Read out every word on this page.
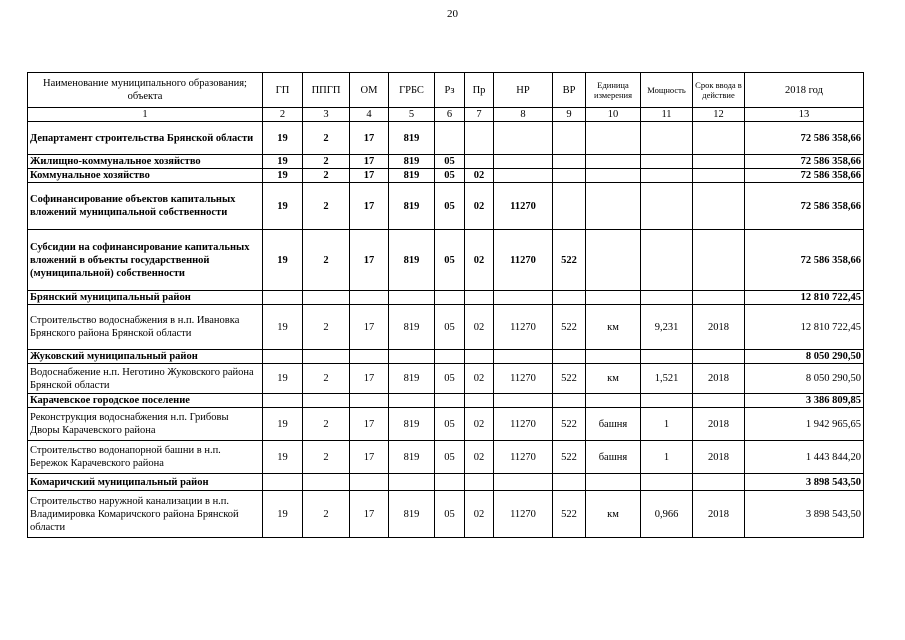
20
Наименование муниципального образования; объекта	ГП	ППГП	ОМ	ГРБС	Рз	Пр	НР	ВР	Единица измерения	Мощность	Срок ввода в действие	2018 год
1	2	3	4	5	6	7	8	9	10	11	12	13
Департамент строительства Брянской области	19	2	17	819								72 586 358,66
Жилищно-коммунальное хозяйство	19	2	17	819	05							72 586 358,66
Коммунальное хозяйство	19	2	17	819	05	02						72 586 358,66
Софинансирование объектов капитальных вложений муниципальной собственности	19	2	17	819	05	02	11270					72 586 358,66
Субсидии на софинансирование капитальных вложений в объекты государственной (муниципальной) собственности	19	2	17	819	05	02	11270	522				72 586 358,66
Брянский муниципальный район												12 810 722,45
Строительство водоснабжения в н.п. Ивановка Брянского района Брянской области	19	2	17	819	05	02	11270	522	км	9,231	2018	12 810 722,45
Жуковский муниципальный район												8 050 290,50
Водоснабжение н.п. Неготино Жуковского района Брянской области	19	2	17	819	05	02	11270	522	км	1,521	2018	8 050 290,50
Карачевское городское поселение												3 386 809,85
Реконструкция водоснабжения н.п. Грибовы Дворы Карачевского района	19	2	17	819	05	02	11270	522	башня	1	2018	1 942 965,65
Строительство водонапорной башни в н.п. Бережок Карачевского района	19	2	17	819	05	02	11270	522	башня	1	2018	1 443 844,20
Комаричский муниципальный район												3 898 543,50
Строительство наружной канализации в н.п. Владимировка Комаричского района Брянской области	19	2	17	819	05	02	11270	522	км	0,966	2018	3 898 543,50
